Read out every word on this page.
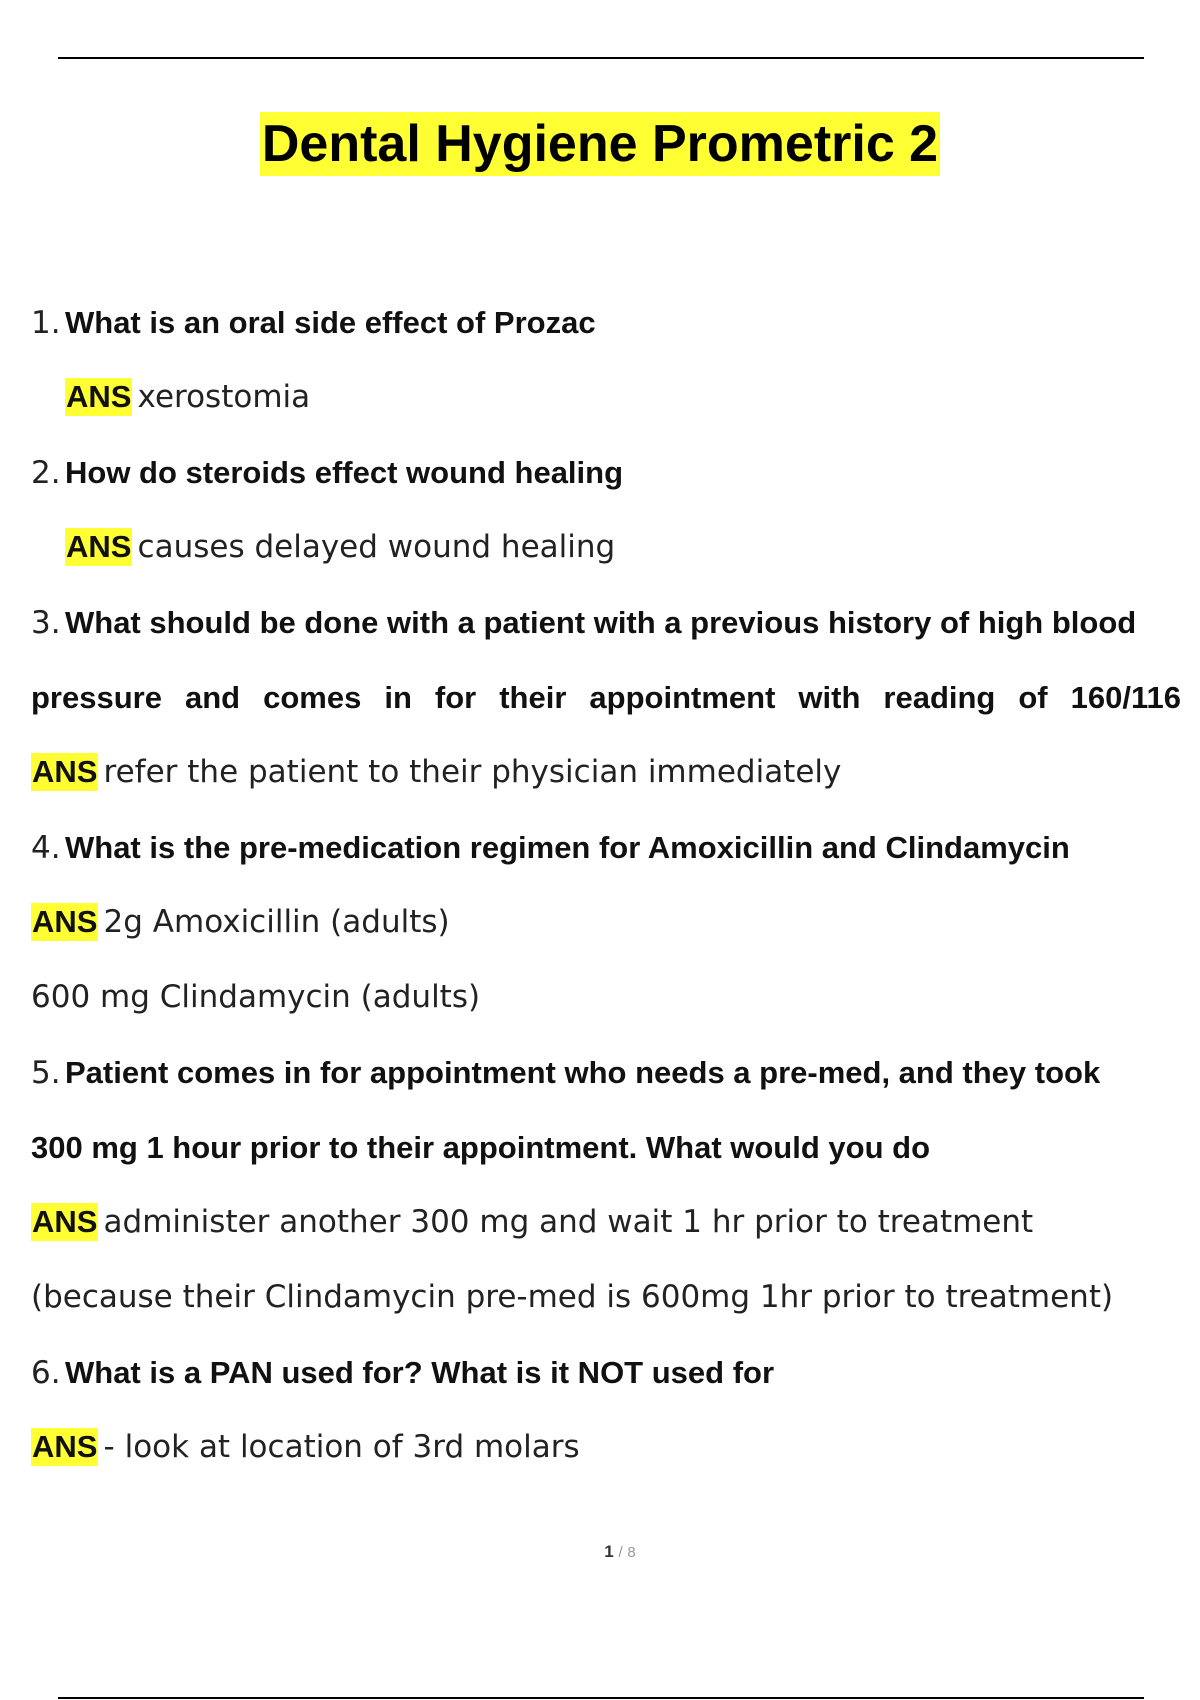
Dental Hygiene Prometric 2
1. What is an oral side effect of Prozac
ANS xerostomia
2. How do steroids effect wound healing
ANS causes delayed wound healing
3. What should be done with a patient with a previous history of high blood
pressure and comes in for their appointment with reading of 160/116
ANS refer the patient to their physician immediately
4. What is the pre-medication regimen for Amoxicillin and Clindamycin
ANS 2g Amoxicillin (adults)
600 mg Clindamycin (adults)
5. Patient comes in for appointment who needs a pre-med, and they took
300 mg 1 hour prior to their appointment. What would you do
ANS administer another 300 mg and wait 1 hr prior to treatment
(because their Clindamycin pre-med is 600mg 1hr prior to treatment)
6. What is a PAN used for? What is it NOT used for
ANS - look at location of 3rd molars
1 / 8
